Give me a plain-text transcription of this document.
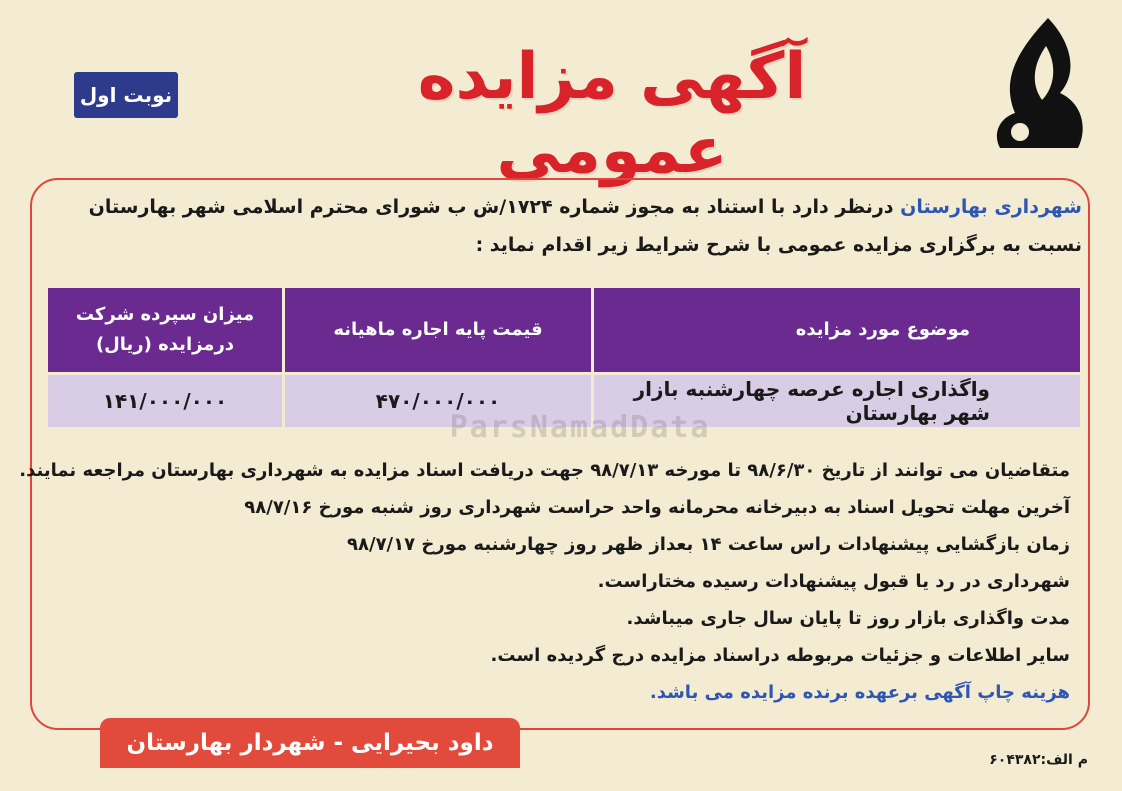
آگهی مزایده عمومی
نوبت اول
شهرداری بهارستان درنظر دارد با استناد به مجوز شماره ۱۷۲۴/ش ب شورای محترم اسلامی شهر بهارستان نسبت به برگزاری مزایده عمومی با شرح شرایط زیر اقدام نماید :
موضوع مورد مزایده
قیمت پایه اجاره ماهیانه
میزان سپرده شرکت درمزایده (ریال)
واگذاری اجاره عرصه چهارشنبه بازار شهر بهارستان
۴۷۰/۰۰۰/۰۰۰
۱۴۱/۰۰۰/۰۰۰
ParsNamadData
متقاضیان می توانند از تاریخ ۹۸/۶/۳۰ تا مورخه ۹۸/۷/۱۳ جهت دریافت اسناد مزایده به شهرداری بهارستان مراجعه نمایند.
آخرین مهلت تحویل اسناد به دبیرخانه محرمانه واحد حراست شهرداری روز شنبه مورخ ۹۸/۷/۱۶
زمان بازگشایی پیشنهادات راس ساعت ۱۴ بعداز ظهر روز چهارشنبه مورخ ۹۸/۷/۱۷
شهرداری در رد یا قبول پیشنهادات رسیده مختاراست.
مدت واگذاری بازار روز تا پایان سال جاری میباشد.
سایر اطلاعات و جزئیات مربوطه دراسناد مزایده درج گردیده است.
هزینه چاپ آگهی برعهده برنده مزایده می باشد.
داود بحیرایی - شهردار بهارستان
م الف:۶۰۴۳۸۲
